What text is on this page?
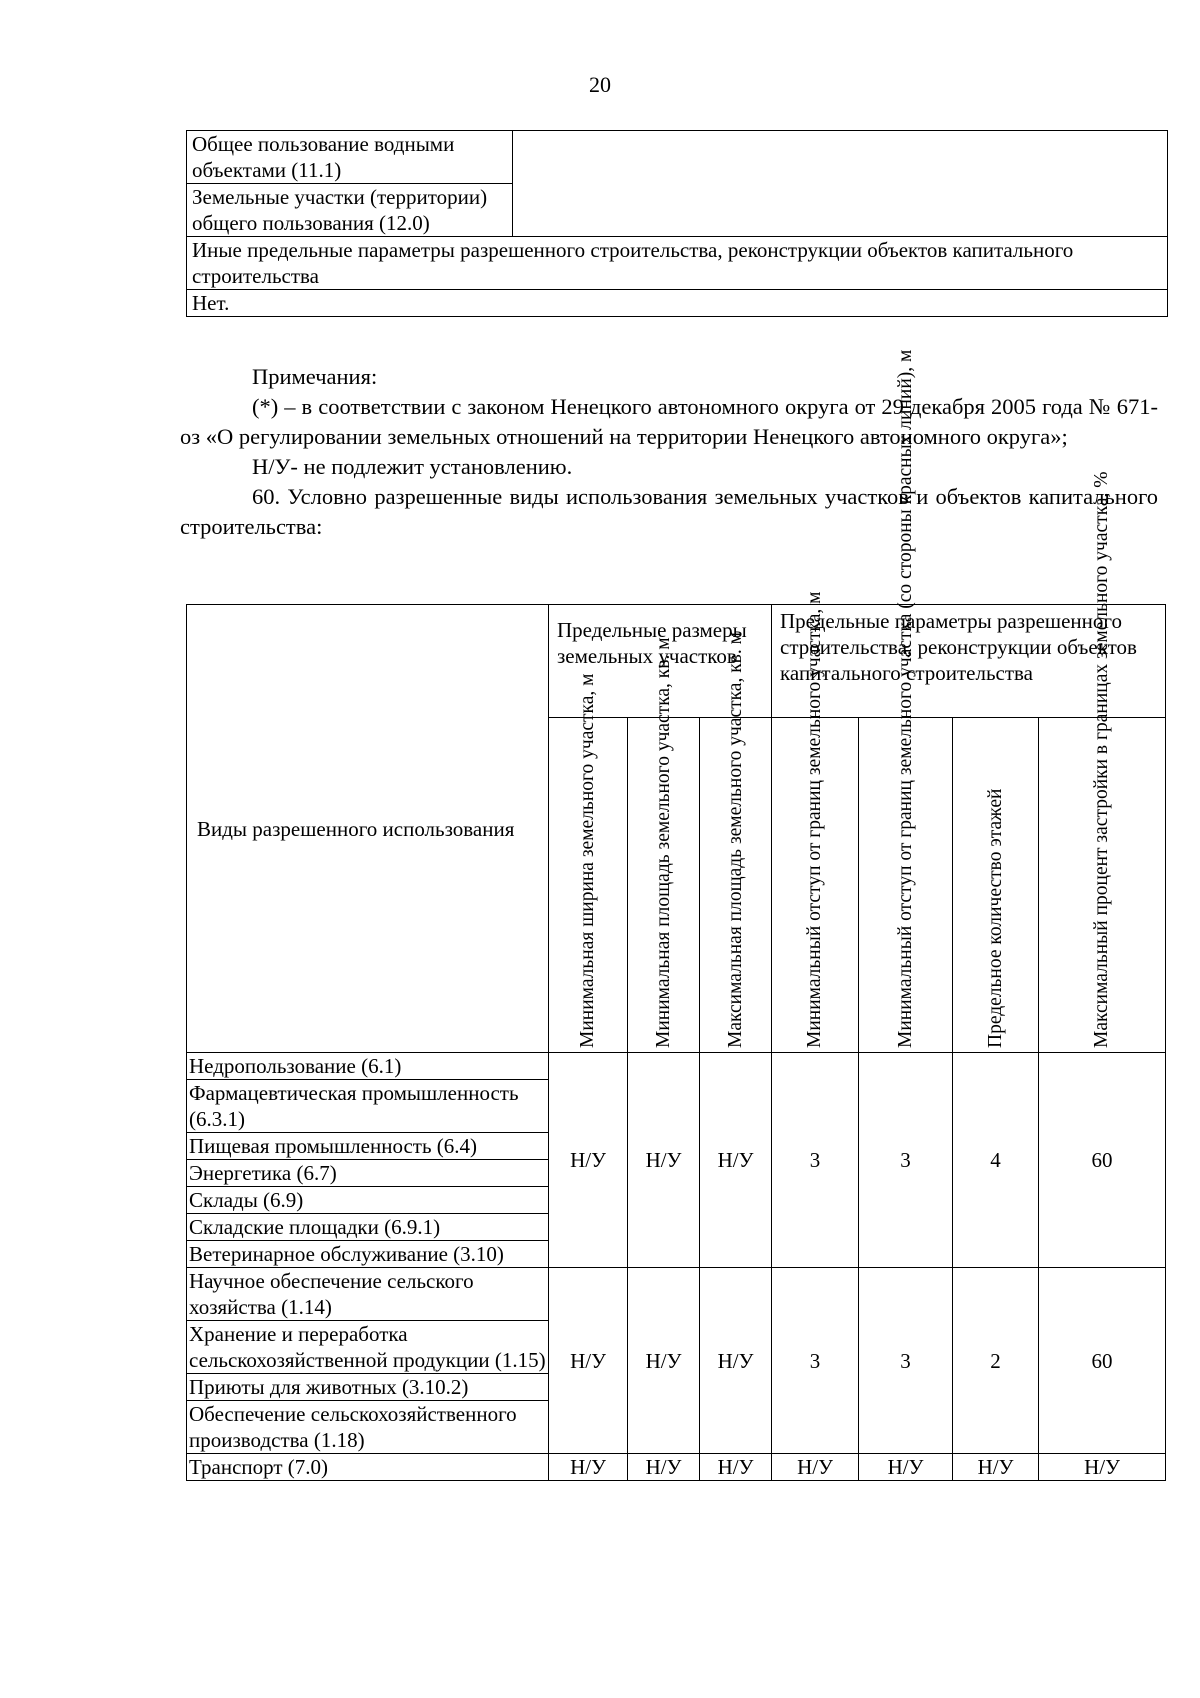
20
Общее пользование водными объектами (11.1)	
Земельные участки (территории) общего пользования (12.0)
Иные предельные параметры разрешенного строительства, реконструкции объектов капитального строительства
Нет.
Примечания:
(*) – в соответствии с законом Ненецкого автономного округа от 29 декабря 2005 года № 671-оз «О регулировании земельных отношений на территории Ненецкого автономного округа»;
Н/У- не подлежит установлению.
60. Условно разрешенные виды использования земельных участков и объектов капитального строительства:
Виды разрешенного использования	Предельные размеры земельных участков			Предельные параметры разрешенного строительства, реконструкции объектов капитального строительства			

	Минимальная ширина земельного участка, м	Минимальная площадь земельного участка, кв. м	Максимальная площадь земельного участка, кв. м	Минимальный отступ от границ земельного участка, м	Минимальный отступ от границ земельного участка (со стороны красных линий), м	Предельное количество этажей	Максимальный процент застройки в границах земельного участка, %

Недропользование (6.1)	Н/У	Н/У	Н/У	3	3	4	60
Фармацевтическая промышленность (6.3.1)							
Пищевая промышленность (6.4)							
Энергетика (6.7)							
Склады (6.9)							
Складские площадки (6.9.1)							
Ветеринарное обслуживание (3.10)							
Научное обеспечение сельского хозяйства (1.14)	Н/У	Н/У	Н/У	3	3	2	60
Хранение и переработка сельскохозяйственной продукции (1.15)							
Приюты для животных (3.10.2)							
Обеспечение сельскохозяйственного производства (1.18)							
Транспорт (7.0)	Н/У	Н/У	Н/У	Н/У	Н/У	Н/У	Н/У
